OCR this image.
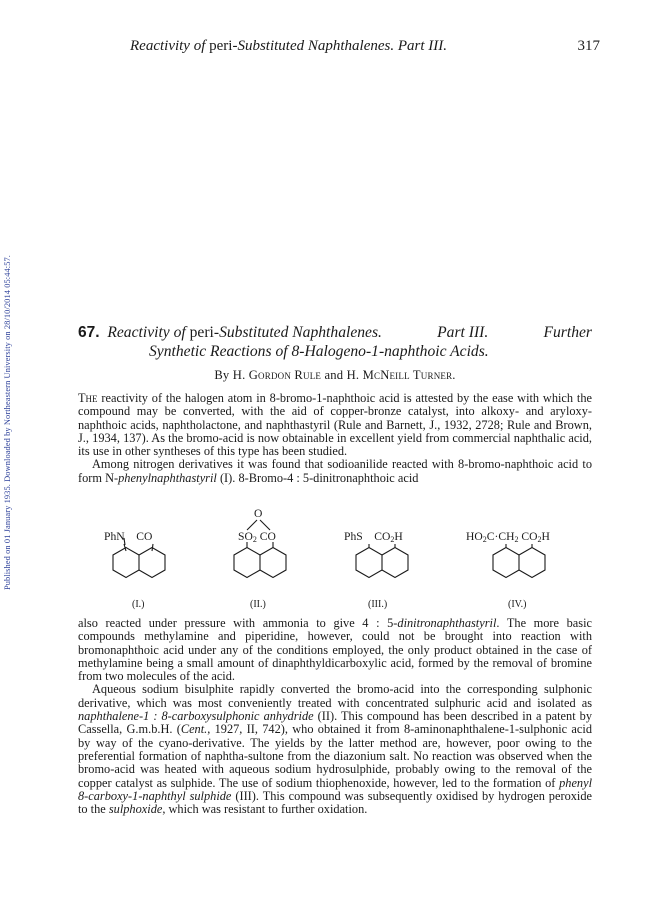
Published on 01 January 1935. Downloaded by Northeastern University on 28/10/2014 05:44:57.
Reactivity of peri-Substituted Naphthalenes. Part III.	317
67. Reactivity of peri-Substituted Naphthalenes.	Part III.	Further
Synthetic Reactions of 8-Halogeno-1-naphthoic Acids.
By H. Gordon Rule and H. McNeill Turner.

The reactivity of the halogen atom in 8-bromo-1-naphthoic acid is attested by the ease with which the compound may be converted, with the aid of copper-bronze catalyst, into alkoxy- and aryloxy-naphthoic acids, naphtholactone, and naphthastyril (Rule and Barnett, J., 1932, 2728; Rule and Brown, J., 1934, 137). As the bromo-acid is now obtainable in excellent yield from commercial naphthalic acid, its use in other syntheses of this type has been studied.

Among nitrogen derivatives it was found that sodioanilide reacted with 8-bromo-naphthoic acid to form N-phenylnaphthastyril (I). 8-Bromo-4 : 5-dinitronaphthoic acid

PhN CO
(I.)
O
$SO_2$ CO
(II.)
PhS $CO_2H$
(III.)
$HO_2C\cdot CH_2$ $CO_2H$
(IV.)

also reacted under pressure with ammonia to give 4 : 5-dinitronaphthastyril. The more basic compounds methylamine and piperidine, however, could not be brought into reaction with bromonaphthoic acid under any of the conditions employed, the only product obtained in the case of methylamine being a small amount of dinaphthyldicarboxylic acid, formed by the removal of bromine from two molecules of the acid.

Aqueous sodium bisulphite rapidly converted the bromo-acid into the corresponding sulphonic derivative, which was most conveniently treated with concentrated sulphuric acid and isolated as naphthalene-1 : 8-carboxysulphonic anhydride (II). This compound has been described in a patent by Cassella, G.m.b.H. (Cent., 1927, II, 742), who obtained it from 8-aminonaphthalene-1-sulphonic acid by way of the cyano-derivative. The yields by the latter method are, however, poor owing to the preferential formation of naphtha-sultone from the diazonium salt. No reaction was observed when the bromo-acid was heated with aqueous sodium hydrosulphide, probably owing to the removal of the copper catalyst as sulphide. The use of sodium thiophenoxide, however, led to the formation of phenyl 8-carboxy-1-naphthyl sulphide (III). This compound was subsequently oxidised by hydrogen peroxide to the sulphoxide, which was resistant to further oxidation.
